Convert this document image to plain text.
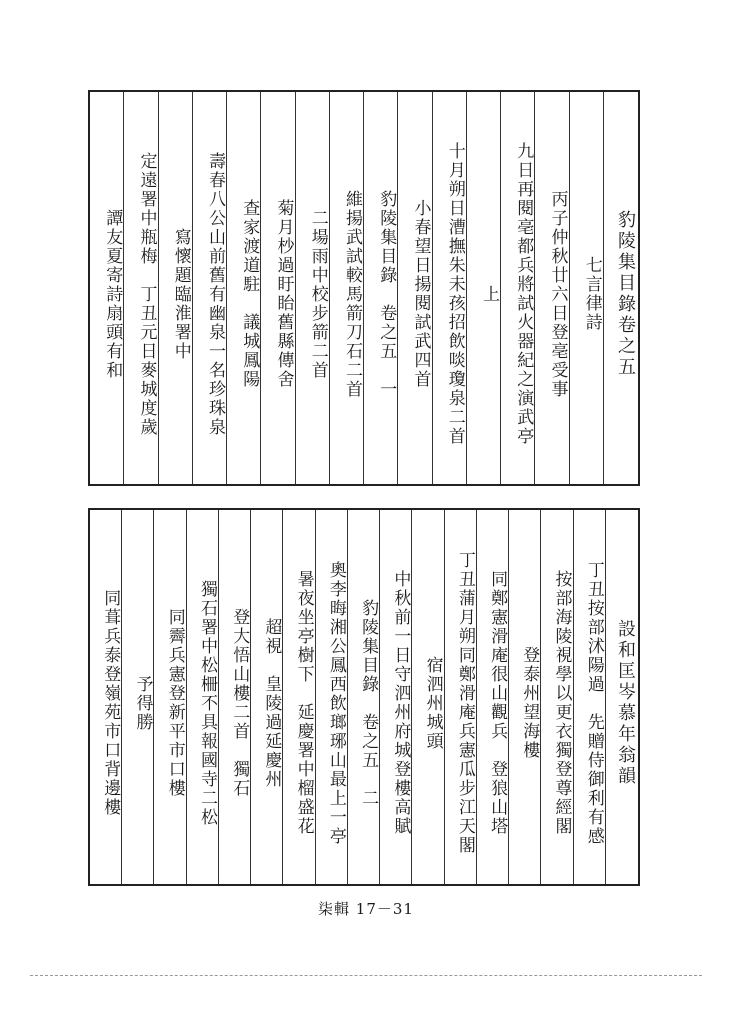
豹陵集目錄卷之五
七言律詩
丙子仲秋廿六日登亳受事
九日再閱亳都兵將試火器紀之演武亭
上
十月朔日漕撫朱未孩招飲啖瓊泉二首
小春望日揚閱試武四首
豹陵集目錄　卷之五　一
維揚武試較馬箭刀石二首
二場雨中校步箭二首
菊月杪過盱眙舊縣傳舍
查家渡道駐　議城鳳陽
壽春八公山前舊有幽泉一名珍珠泉
寫懷題臨淮署中
定遠署中瓶梅　丁丑元日麥城度歲
譚友夏寄詩扇頭有和
設和匡岑慕年翁韻
丁丑按部沭陽過　先贈侍御利有感
按部海陵視學以更衣獨登尊經閣
登泰州望海樓
同鄭憲滑庵很山觀兵　登狼山塔
丁丑蒲月朔同鄭滑庵兵憲瓜步江天閣
宿泗州城頭
中秋前一日守泗州府城登樓高賦
豹陵集目錄　卷之五　二
奧李晦湘公鳳西飲瑯琊山最上一亭
暑夜坐亭樹下　延慶署中榴盛花
超視　皇陵過延慶州
登大悟山樓二首　獨石
獨石署中松柵不具報國寺二松
同霽兵憲登新平市口樓
予得勝
同葺兵泰登嶺苑市口背邊樓
柒輯 17－31
